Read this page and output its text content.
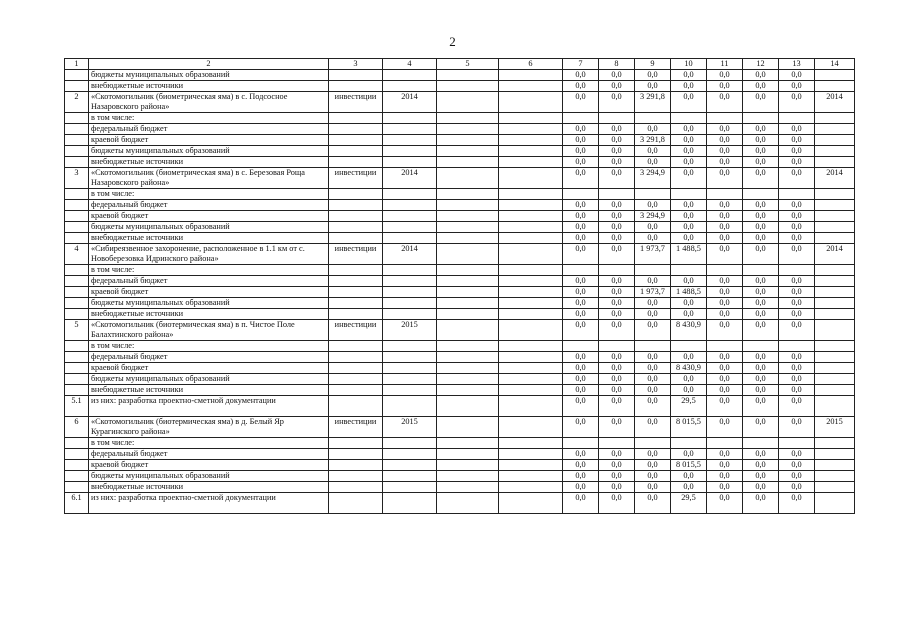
2
1	2	3	4	5	6	7	8	9	10	11	12	13	14
	бюджеты муниципальных образований					0,0	0,0	0,0	0,0	0,0	0,0	0,0	
	внебюджетные источники					0,0	0,0	0,0	0,0	0,0	0,0	0,0	
2	«Скотомогильник (биометрическая яма) в с. Подсосное Назаровского района»	инвестиции	2014			0,0	0,0	3 291,8	0,0	0,0	0,0	0,0	2014
	в том числе:												
	федеральный бюджет					0,0	0,0	0,0	0,0	0,0	0,0	0,0	
	краевой бюджет					0,0	0,0	3 291,8	0,0	0,0	0,0	0,0	
	бюджеты муниципальных образований					0,0	0,0	0,0	0,0	0,0	0,0	0,0	
	внебюджетные источники					0,0	0,0	0,0	0,0	0,0	0,0	0,0	
3	«Скотомогильник (биометрическая яма) в с. Березовая Роща Назаровского района»	инвестиции	2014			0,0	0,0	3 294,9	0,0	0,0	0,0	0,0	2014
	в том числе:												
	федеральный бюджет					0,0	0,0	0,0	0,0	0,0	0,0	0,0	
	краевой бюджет					0,0	0,0	3 294,9	0,0	0,0	0,0	0,0	
	бюджеты муниципальных образований					0,0	0,0	0,0	0,0	0,0	0,0	0,0	
	внебюджетные источники					0,0	0,0	0,0	0,0	0,0	0,0	0,0	
4	«Сибиреязвенное захоронение, расположенное в 1.1 км от с. Новоберезовка Идринского района»	инвестиции	2014			0,0	0,0	1 973,7	1 488,5	0,0	0,0	0,0	2014
	в том числе:												
	федеральный бюджет					0,0	0,0	0,0	0,0	0,0	0,0	0,0	
	краевой бюджет					0,0	0,0	1 973,7	1 488,5	0,0	0,0	0,0	
	бюджеты муниципальных образований					0,0	0,0	0,0	0,0	0,0	0,0	0,0	
	внебюджетные источники					0,0	0,0	0,0	0,0	0,0	0,0	0,0	
5	«Скотомогильник (биотермическая яма) в п. Чистое Поле Балахтинского района»	инвестиции	2015			0,0	0,0	0,0	8 430,9	0,0	0,0	0,0	
	в том числе:												
	федеральный бюджет					0,0	0,0	0,0	0,0	0,0	0,0	0,0	
	краевой бюджет					0,0	0,0	0,0	8 430,9	0,0	0,0	0,0	
	бюджеты муниципальных образований					0,0	0,0	0,0	0,0	0,0	0,0	0,0	
	внебюджетные источники					0,0	0,0	0,0	0,0	0,0	0,0	0,0	
5.1	из них: разработка проектно-сметной документации					0,0	0,0	0,0	29,5	0,0	0,0	0,0	
6	«Скотомогильник (биотермическая яма) в д. Белый Яр Курагинского района»	инвестиции	2015			0,0	0,0	0,0	8 015,5	0,0	0,0	0,0	2015
	в том числе:												
	федеральный бюджет					0,0	0,0	0,0	0,0	0,0	0,0	0,0	
	краевой бюджет					0,0	0,0	0,0	8 015,5	0,0	0,0	0,0	
	бюджеты муниципальных образований					0,0	0,0	0,0	0,0	0,0	0,0	0,0	
	внебюджетные источники					0,0	0,0	0,0	0,0	0,0	0,0	0,0	
6.1	из них: разработка проектно-сметной документации					0,0	0,0	0,0	29,5	0,0	0,0	0,0	
